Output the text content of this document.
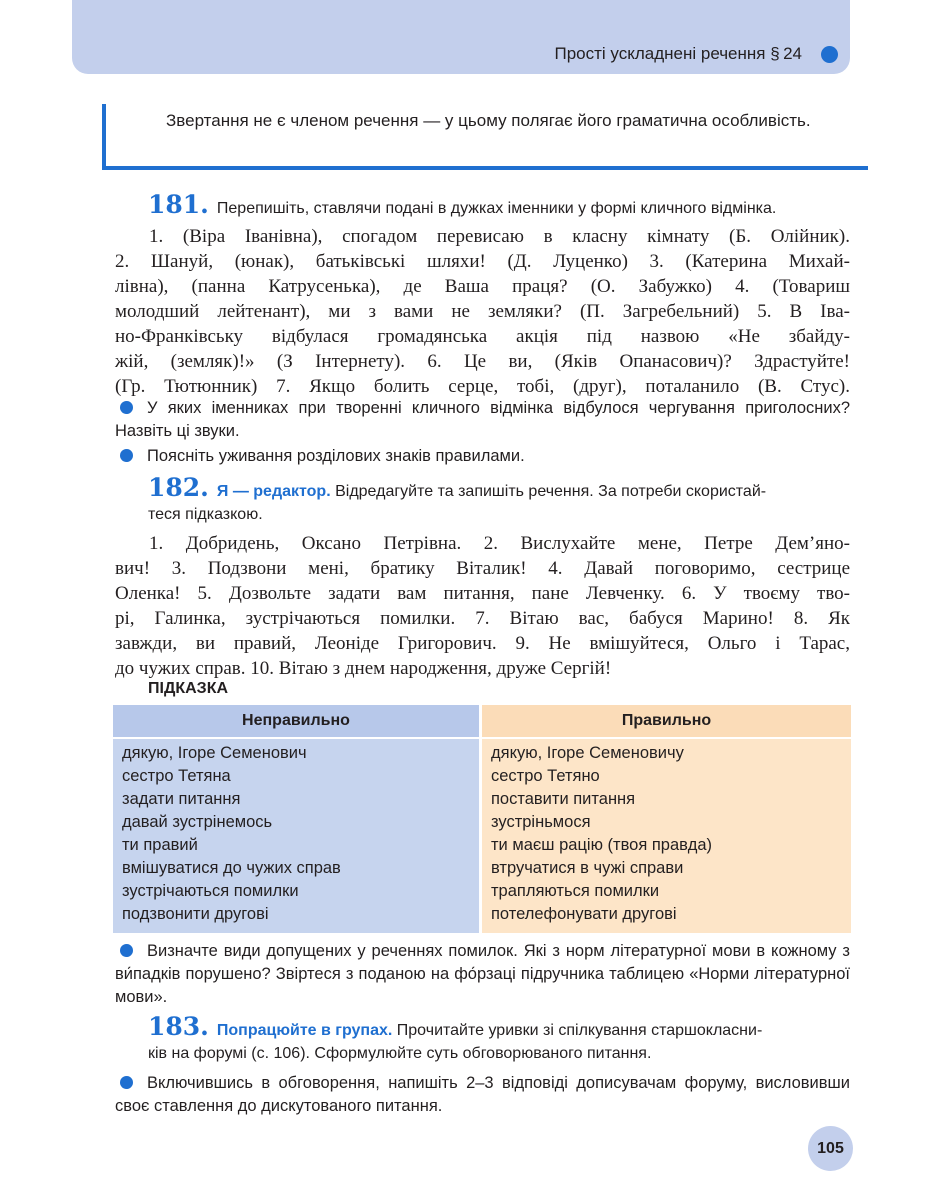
Прості ускладнені речення § 24
Звертання не є членом речення — у цьому полягає його граматична особливість.
181. Перепишіть, ставлячи подані в дужках іменники у формі кличного відмінка.
1. (Віра Іванівна), спогадом перевисаю в класну кімнату (Б. Олійник).
2. Шануй, (юнак), батьківські шляхи! (Д. Луценко) 3. (Катерина Михай-
лівна), (панна Катрусенька), де Ваша праця? (О. Забужко) 4. (Товариш
молодший лейтенант), ми з вами не земляки? (П. Загребельний) 5. В Іва-
но-Франківську відбулася громадянська акція під назвою «Не збайду-
жій, (земляк)!» (З Інтернету). 6. Це ви, (Яків Опанасович)? Здрастуйте!
(Гр. Тютюнник) 7. Якщо болить серце, тобі, (друг), поталанило (В. Стус).
У яких іменниках при творенні кличного відмінка відбулося чергування приголосних? Назвіть ці звуки.
Поясніть уживання розділових знаків правилами.
182. Я — редактор. Відредагуйте та запишіть речення. За потреби скористай-
теся підказкою.
1. Добридень, Оксано Петрівна. 2. Вислухайте мене, Петре Дем’яно-
вич! 3. Подзвони мені, братику Віталик! 4. Давай поговоримо, сестрице
Оленка! 5. Дозвольте задати вам питання, пане Левченку. 6. У твоєму тво-
рі, Галинка, зустрічаються помилки. 7. Вітаю вас, бабуся Марино! 8. Як
завжди, ви правий, Леоніде Григорович. 9. Не вмішуйтеся, Ольго і Тарас,
до чужих справ. 10. Вітаю з днем народження, друже Сергій!
ПІДКАЗКА
Неправильно	Правильно
дякую, Ігоре Семенович
сестро Тетяна
задати питання
давай зустрінемось
ти правий
вмішуватися до чужих справ
зустрічаються помилки
подзвонити другові
дякую, Ігоре Семеновичу
сестро Тетяно
поставити питання
зустріньмося
ти маєш рацію (твоя правда)
втручатися в чужі справи
трапляються помилки
потелефонувати другові
Визначте види допущених у реченнях помилок. Які з норм літературної мови в кожному з ви́падків порушено? Звіртеся з поданою на фо́рзаці підручника таблицею «Норми літературної мови».
183. Попрацюйте в групах. Прочитайте уривки зі спілкування старшокласни-
ків на форумі (с. 106). Сформулюйте суть обговорюваного питання.
Включившись в обговорення, напишіть 2–3 відповіді дописувачам форуму, висловивши своє ставлення до дискутованого питання.
105
